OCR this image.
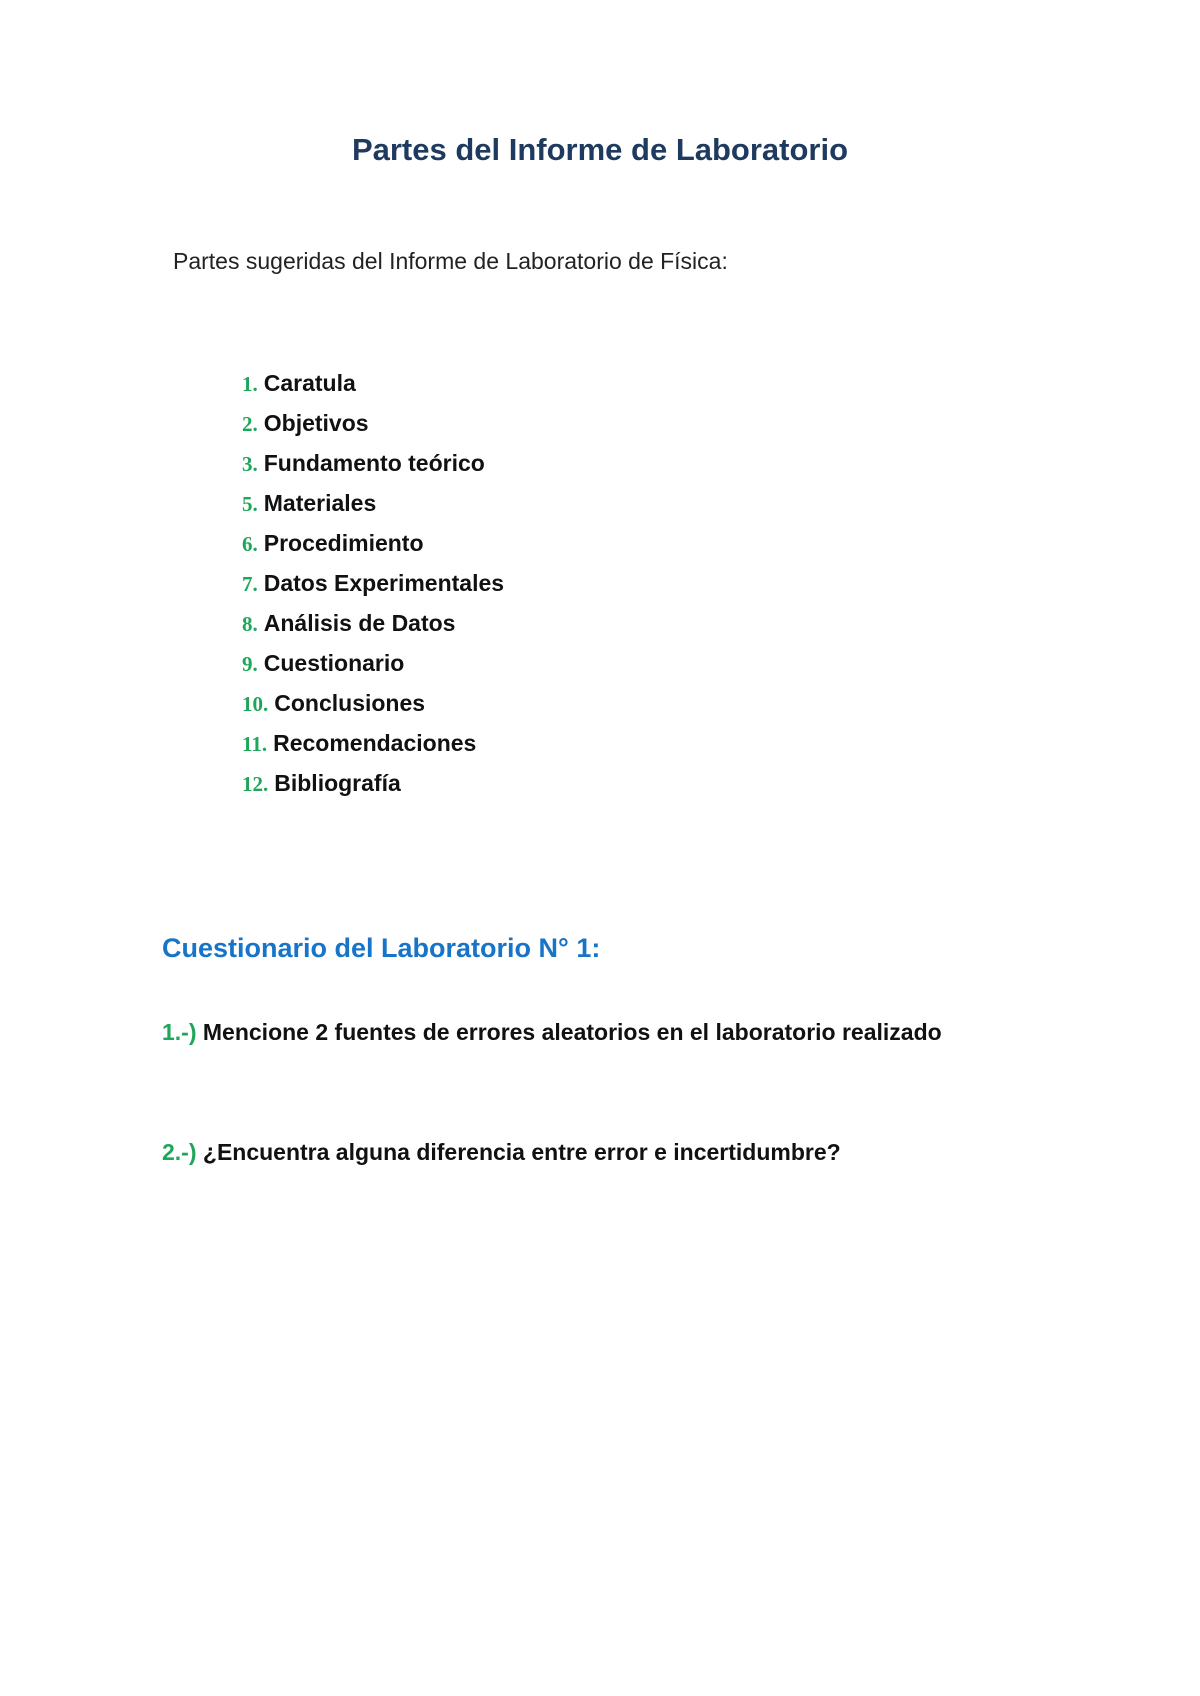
Partes del Informe de Laboratorio

Partes sugeridas del Informe de Laboratorio de Física:

1. Caratula
2. Objetivos
3. Fundamento teórico
5. Materiales
6. Procedimiento
7. Datos Experimentales
8. Análisis de Datos
9. Cuestionario
10. Conclusiones
11. Recomendaciones
12. Bibliografía
Cuestionario del Laboratorio N° 1:

1.-) Mencione 2 fuentes de errores aleatorios en el laboratorio realizado

2.-) ¿Encuentra alguna diferencia entre error e incertidumbre?
